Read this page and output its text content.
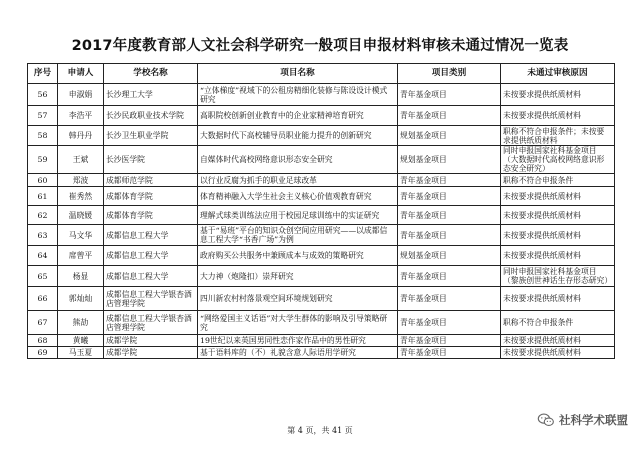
2017年度教育部人文社会科学研究一般项目申报材料审核未通过情况一览表
序号	申请人	学校名称	项目名称	项目类别	未通过审核原因
56	申淑娟	长沙理工大学	“立体梯度”视域下的公租房精细化装修与陈设设计模式研究	青年基金项目	未按要求提供纸质材料
57	李浩平	长沙民政职业技术学院	高职院校创新创业教育中的企业家精神培育研究	青年基金项目	未按要求提供纸质材料
58	韩丹丹	长沙卫生职业学院	大数据时代下高校辅导员职业能力提升的创新研究	规划基金项目	职称不符合申报条件；未按要求提供纸质材料
59	王斌	长沙医学院	自媒体时代高校网络意识形态安全研究	规划基金项目	同时申报国家社科基金项目（大数据时代高校网络意识形态安全研究）
60	郑波	成都师范学院	以行业反腐为抓手的职业足球改革	青年基金项目	职称不符合申报条件
61	崔秀然	成都体育学院	体育精神融入大学生社会主义核心价值观教育研究	青年基金项目	未按要求提供纸质材料
62	温晓媛	成都体育学院	理解式球类训练法应用于校园足球训练中的实证研究	青年基金项目	未按要求提供纸质材料
63	马文华	成都信息工程大学	基于“易班”平台的知识众创空间应用研究——以成都信息工程大学“书香广场”为例	青年基金项目	未按要求提供纸质材料
64	席曾平	成都信息工程大学	政府购买公共服务中兼顾成本与成效的策略研究	规划基金项目	未按要求提供纸质材料
65	杨显	成都信息工程大学	大力神（炮隆扣）崇拜研究	青年基金项目	同时申报国家社科基金项目（黎族创世神话生存形态研究）
66	郭灿灿	成都信息工程大学银杏酒店管理学院	四川新农村村落景观空间环境规划研究	青年基金项目	未按要求提供纸质材料
67	熊劼	成都信息工程大学银杏酒店管理学院	“网络爱国主义话语”对大学生群体的影响及引导策略研究	青年基金项目	职称不符合申报条件
68	黄曦	成都学院	19世纪以来英国男同性恋作家作品中的男性研究	青年基金项目	未按要求提供纸质材料
69	马玉夏	成都学院	基于语料库的（不）礼貌含意人际语用学研究	青年基金项目	未按要求提供纸质材料
第 4 页，共 41 页
社科学术联盟
